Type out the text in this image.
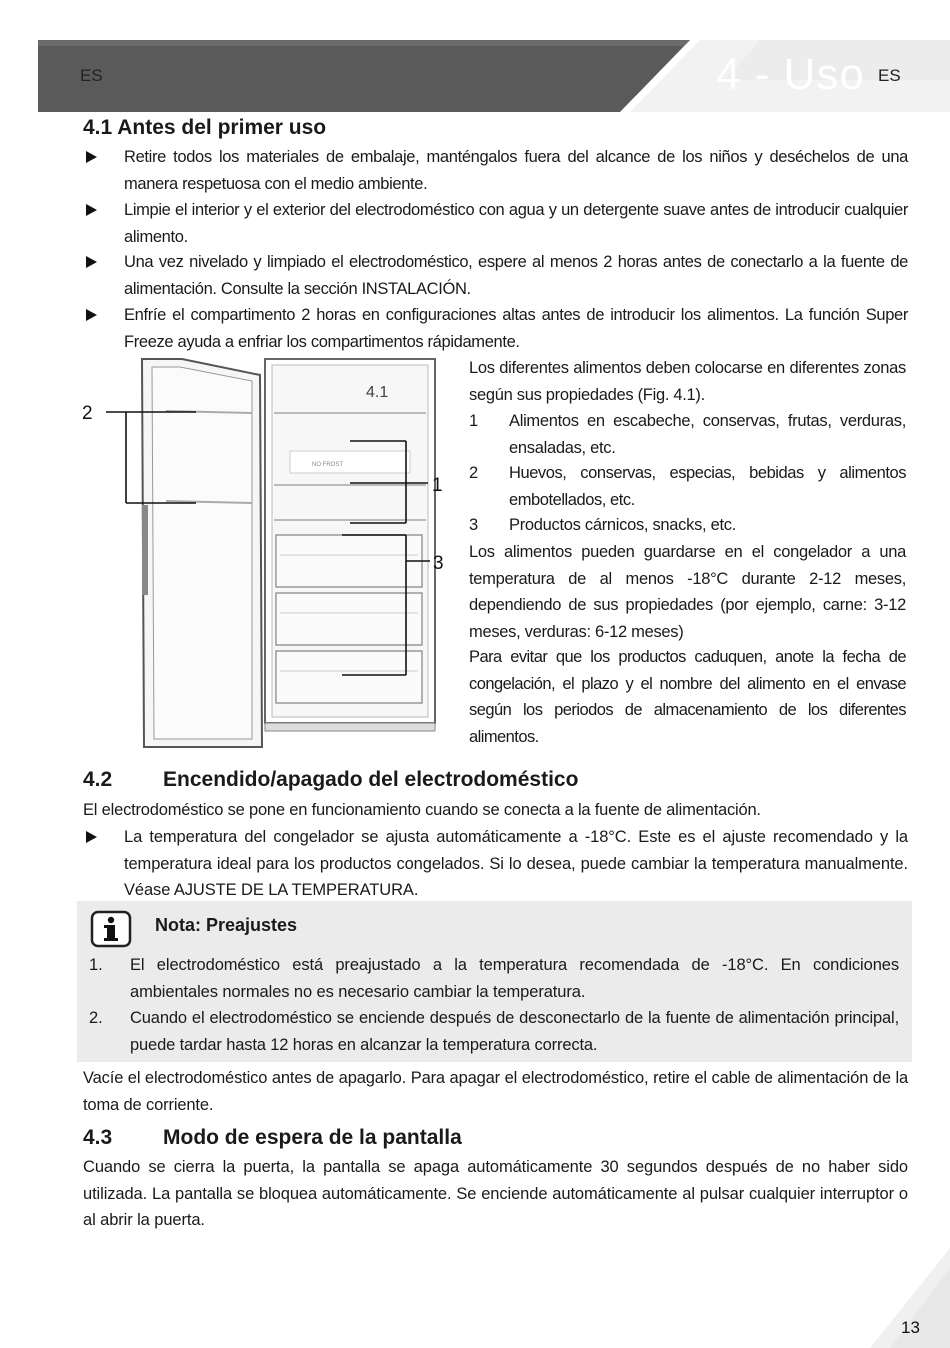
ES	4 - Uso ES
4.1 Antes del primer uso
Retire todos los materiales de embalaje, manténgalos fuera del alcance de los niños y deséchelos de una manera respetuosa con el medio ambiente.
Limpie el interior y el exterior del electrodoméstico con agua y un detergente suave antes de introducir cualquier alimento.
Una vez nivelado y limpiado el electrodoméstico, espere al menos 2 horas antes de conectarlo a la fuente de alimentación. Consulte la sección INSTALACIÓN.
Enfríe el compartimento 2 horas en configuraciones altas antes de introducir los alimentos. La función Super Freeze ayuda a enfriar los compartimentos rápidamente.
NO FROST
4.1
2
1
3
Los diferentes alimentos deben colocarse en diferentes zonas según sus propiedades (Fig. 4.1).
1 Alimentos en escabeche, conservas, frutas, verduras, ensaladas, etc.
2 Huevos, conservas, especias, bebidas y alimentos embotellados, etc.
3 Productos cárnicos, snacks, etc.
Los alimentos pueden guardarse en el congelador a una temperatura de al menos -18°C durante 2-12 meses, dependiendo de sus propiedades (por ejemplo, carne: 3-12 meses, verduras: 6-12 meses)
Para evitar que los productos caduquen, anote la fecha de congelación, el plazo y el nombre del alimento en el envase según los periodos de almacenamiento de los diferentes alimentos.
4.2 Encendido/apagado del electrodoméstico
El electrodoméstico se pone en funcionamiento cuando se conecta a la fuente de alimentación.
La temperatura del congelador se ajusta automáticamente a -18°C. Este es el ajuste recomendado y la temperatura ideal para los productos congelados. Si lo desea, puede cambiar la temperatura manualmente. Véase AJUSTE DE LA TEMPERATURA.
Nota: Preajustes
1. El electrodoméstico está preajustado a la temperatura recomendada de -18°C. En condiciones ambientales normales no es necesario cambiar la temperatura.
2. Cuando el electrodoméstico se enciende después de desconectarlo de la fuente de alimentación principal, puede tardar hasta 12 horas en alcanzar la temperatura correcta.
Vacíe el electrodoméstico antes de apagarlo. Para apagar el electrodoméstico, retire el cable de alimentación de la toma de corriente.
4.3 Modo de espera de la pantalla
Cuando se cierra la puerta, la pantalla se apaga automáticamente 30 segundos después de no haber sido utilizada. La pantalla se bloquea automáticamente. Se enciende automáticamente al pulsar cualquier interruptor o al abrir la puerta.
13
